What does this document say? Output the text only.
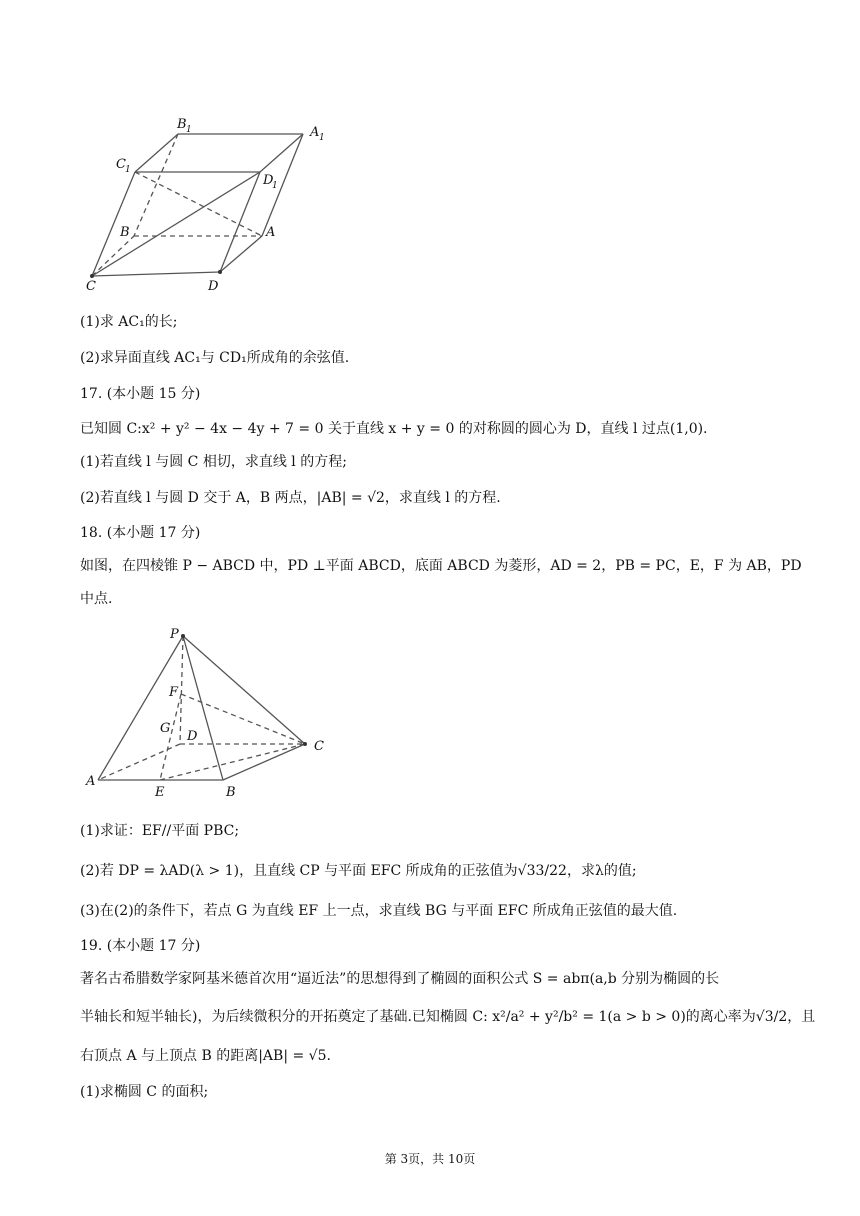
B 1	A 1
C 1
D
1
B	A
C	D
(1)求 AC₁的长;
(2)求异面直线 AC₁与 CD₁所成角的余弦值.
17. (本小题 15 分)
已知圆 C:x² + y² − 4x − 4y + 7 = 0 关于直线 x + y = 0 的对称圆的圆心为 D，直线 l 过点(1,0).
(1)若直线 l 与圆 C 相切，求直线 l 的方程;
(2)若直线 l 与圆 D 交于 A，B 两点，|AB| = √2，求直线 l 的方程.
18. (本小题 17 分)
如图，在四棱锥 P − ABCD 中，PD ⊥平面 ABCD，底面 ABCD 为菱形，AD = 2，PB = PC，E，F 为 AB，PD
中点.
P
F
G
D
C
A
E	B
(1)求证：EF//平面 PBC;
(2)若 DP = λAD(λ > 1)，且直线 CP 与平面 EFC 所成角的正弦值为√33/22，求λ的值;
(3)在(2)的条件下，若点 G 为直线 EF 上一点，求直线 BG 与平面 EFC 所成角正弦值的最大值.
19. (本小题 17 分)
著名古希腊数学家阿基米德首次用“逼近法”的思想得到了椭圆的面积公式 S = abπ(a,b 分别为椭圆的长
半轴长和短半轴长)，为后续微积分的开拓奠定了基础.已知椭圆 C: x²/a² + y²/b² = 1(a > b > 0)的离心率为√3/2，且
右顶点 A 与上顶点 B 的距离|AB| = √5.
(1)求椭圆 C 的面积;
第 3页，共 10页
